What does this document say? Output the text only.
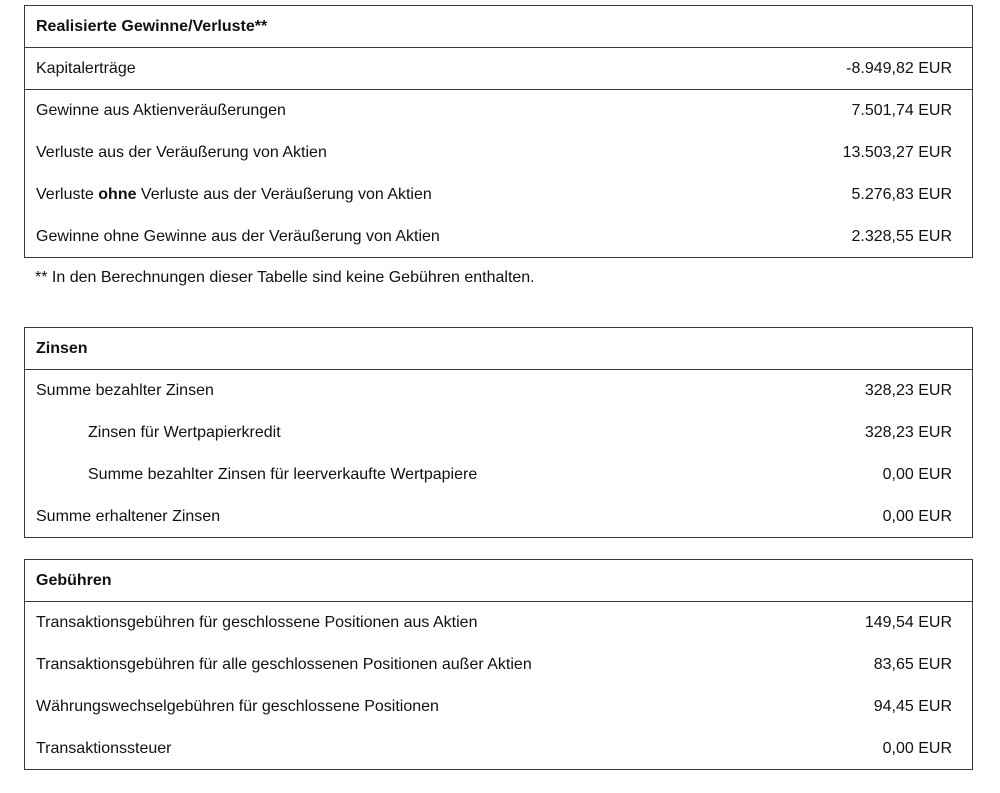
Realisierte Gewinne/Verluste**
Kapitalerträge	-8.949,82 EUR
Gewinne aus Aktienveräußerungen	7.501,74 EUR
Verluste aus der Veräußerung von Aktien	13.503,27 EUR
Verluste ohne Verluste aus der Veräußerung von Aktien	5.276,83 EUR
Gewinne ohne Gewinne aus der Veräußerung von Aktien	2.328,55 EUR
** In den Berechnungen dieser Tabelle sind keine Gebühren enthalten.
Zinsen
Summe bezahlter Zinsen	328,23 EUR
Zinsen für Wertpapierkredit	328,23 EUR
Summe bezahlter Zinsen für leerverkaufte Wertpapiere	0,00 EUR
Summe erhaltener Zinsen	0,00 EUR
Gebühren
Transaktionsgebühren für geschlossene Positionen aus Aktien	149,54 EUR
Transaktionsgebühren für alle geschlossenen Positionen außer Aktien	83,65 EUR
Währungswechselgebühren für geschlossene Positionen	94,45 EUR
Transaktionssteuer	0,00 EUR
